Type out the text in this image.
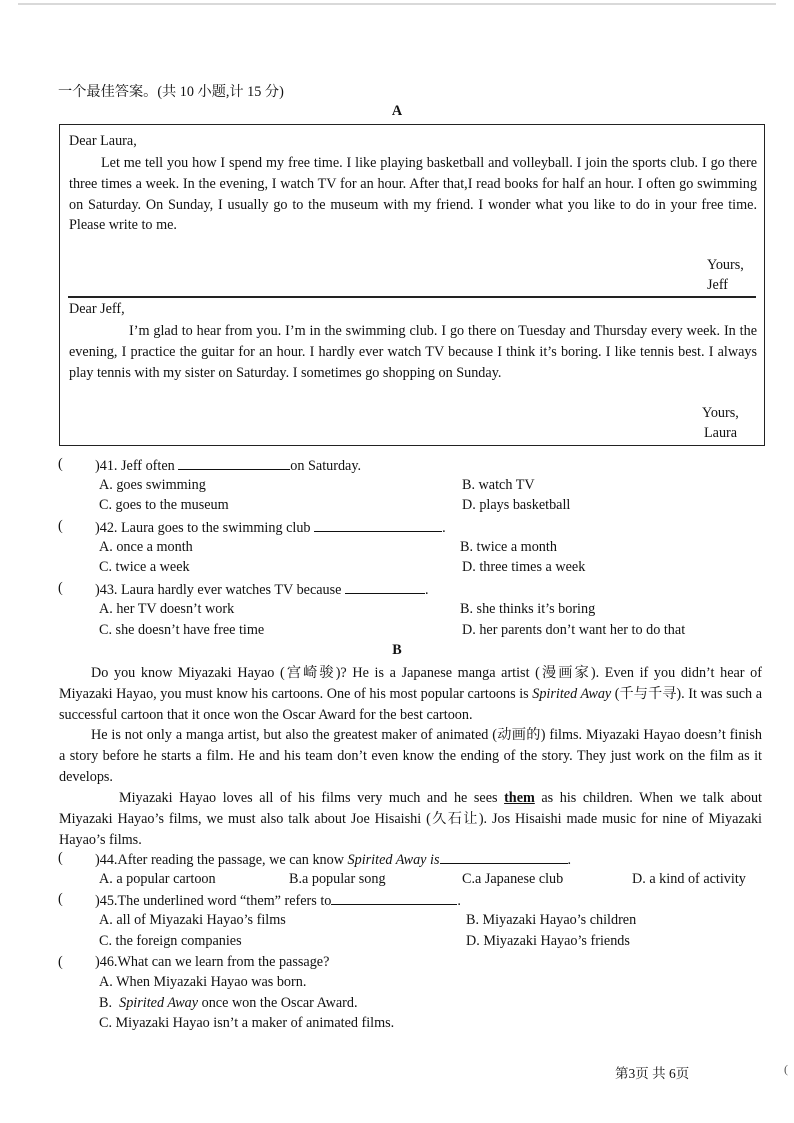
一个最佳答案。(共 10 小题,计 15 分)
A
Dear Laura,
Let me tell you how I spend my free time. I like playing basketball and volleyball. I join the sports club. I go there three times a week. In the evening, I watch TV for an hour. After that,I read books for half an hour. I often go swimming on Saturday. On Sunday, I usually go to the museum with my friend. I wonder what you like to do in your free time. Please write to me.
Yours,
Jeff
Dear Jeff,
I’m glad to hear from you. I’m in the swimming club. I go there on Tuesday and Thursday every week. In the evening, I practice the guitar for an hour. I hardly ever watch TV because I think it’s boring. I like tennis best. I always play tennis with my sister on Saturday. I sometimes go shopping on Sunday.
Yours,
Laura
( )41. Jeff often	on Saturday.
A. goes swimming	B. watch TV
C. goes to the museum	D. plays basketball
( )42. Laura goes to the swimming club	.
A. once a month	B. twice a month
C. twice a week	D. three times a week
( )43. Laura hardly ever watches TV because	.
A. her TV doesn’t work	B. she thinks it’s boring
C. she doesn’t have free time	D. her parents don’t want her to do that
B
Do you know Miyazaki Hayao (宫崎骏)? He is a Japanese manga artist (漫画家). Even if you didn’t hear of Miyazaki Hayao, you must know his cartoons. One of his most popular cartoons is Spirited Away (千与千寻). It was such a successful cartoon that it once won the Oscar Award for the best cartoon.
He is not only a manga artist, but also the greatest maker of animated (动画的) films. Miyazaki Hayao doesn’t finish a story before he starts a film. He and his team don’t even know the ending of the story. They just work on the film as it develops.
Miyazaki Hayao loves all of his films very much and he sees them as his children. When we talk about Miyazaki Hayao’s films, we must also talk about Joe Hisaishi (久石让). Jos Hisaishi made music for nine of Miyazaki Hayao’s films.
( )44.After reading the passage, we can know Spirited Away is	.
A. a popular cartoon	B.a popular song	C.a Japanese club	D. a kind of activity
( )45.The underlined word “them” refers to	.
A. all of Miyazaki Hayao’s films	B. Miyazaki Hayao’s children
C. the foreign companies	D. Miyazaki Hayao’s friends
( )46.What can we learn from the passage?
A. When Miyazaki Hayao was born.
B.  Spirited Away once won the Oscar Award.
C. Miyazaki Hayao isn’t a maker of animated films.
第3页 共 6页	(
